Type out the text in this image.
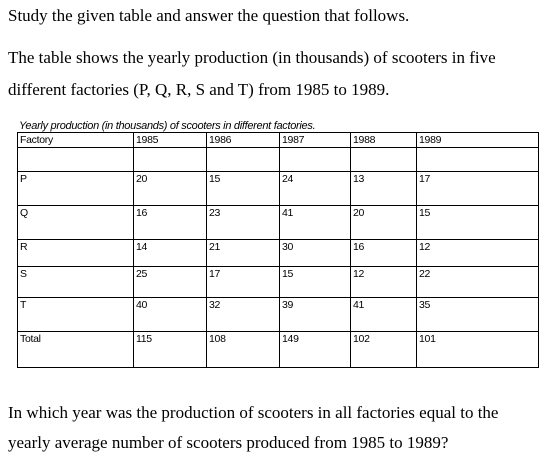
Study the given table and answer the question that follows.

The table shows the yearly production (in thousands) of scooters in five

different factories (P, Q, R, S and T) from 1985 to 1989.

Yearly production (in thousands) of scooters in different factories.
Factory	1985	1986	1987	1988	1989

P	20	15	24	13	17

Q	16	23	41	20	15

R	14	21	30	16	12

S	25	17	15	12	22

T	40	32	39	41	35

Total	115	108	149	102	101

In which year was the production of scooters in all factories equal to the

yearly average number of scooters produced from 1985 to 1989?
